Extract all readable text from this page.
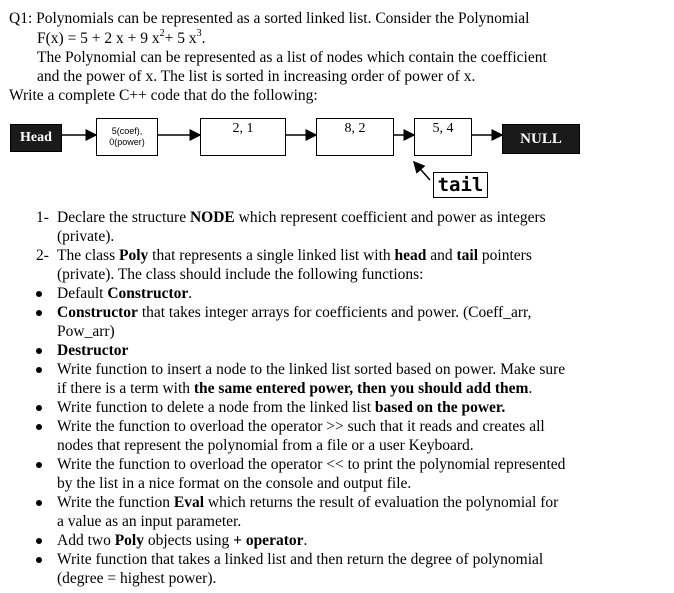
Q1: Polynomials can be represented as a sorted linked list. Consider the Polynomial
F(x) = 5 + 2 x + 9 $x^2+ 5$ $x^3$.
The Polynomial can be represented as a list of nodes which contain the coefficient
and the power of x. The list is sorted in increasing order of power of x.
Write a complete C++ code that do the following:
Head	5(coef),
0(power)
2, 1	8, 2	5, 4
NULL
tail
1- Declare the structure NODE which represent coefficient and power as integers
(private).
2- The class Poly that represents a single linked list with head and tail pointers
(private). The class should include the following functions:
Default Constructor.
Constructor that takes integer arrays for coefficients and power. (Coeff_arr,
Pow_arr)
Destructor
Write function to insert a node to the linked list sorted based on power. Make sure
if there is a term with the same entered power, then you should add them.
Write function to delete a node from the linked list based on the power.
Write the function to overload the operator >> such that it reads and creates all
nodes that represent the polynomial from a file or a user Keyboard.
Write the function to overload the operator << to print the polynomial represented
by the list in a nice format on the console and output file.
Write the function Eval which returns the result of evaluation the polynomial for
a value as an input parameter.
Add two Poly objects using + operator.
Write function that takes a linked list and then return the degree of polynomial
(degree = highest power).
